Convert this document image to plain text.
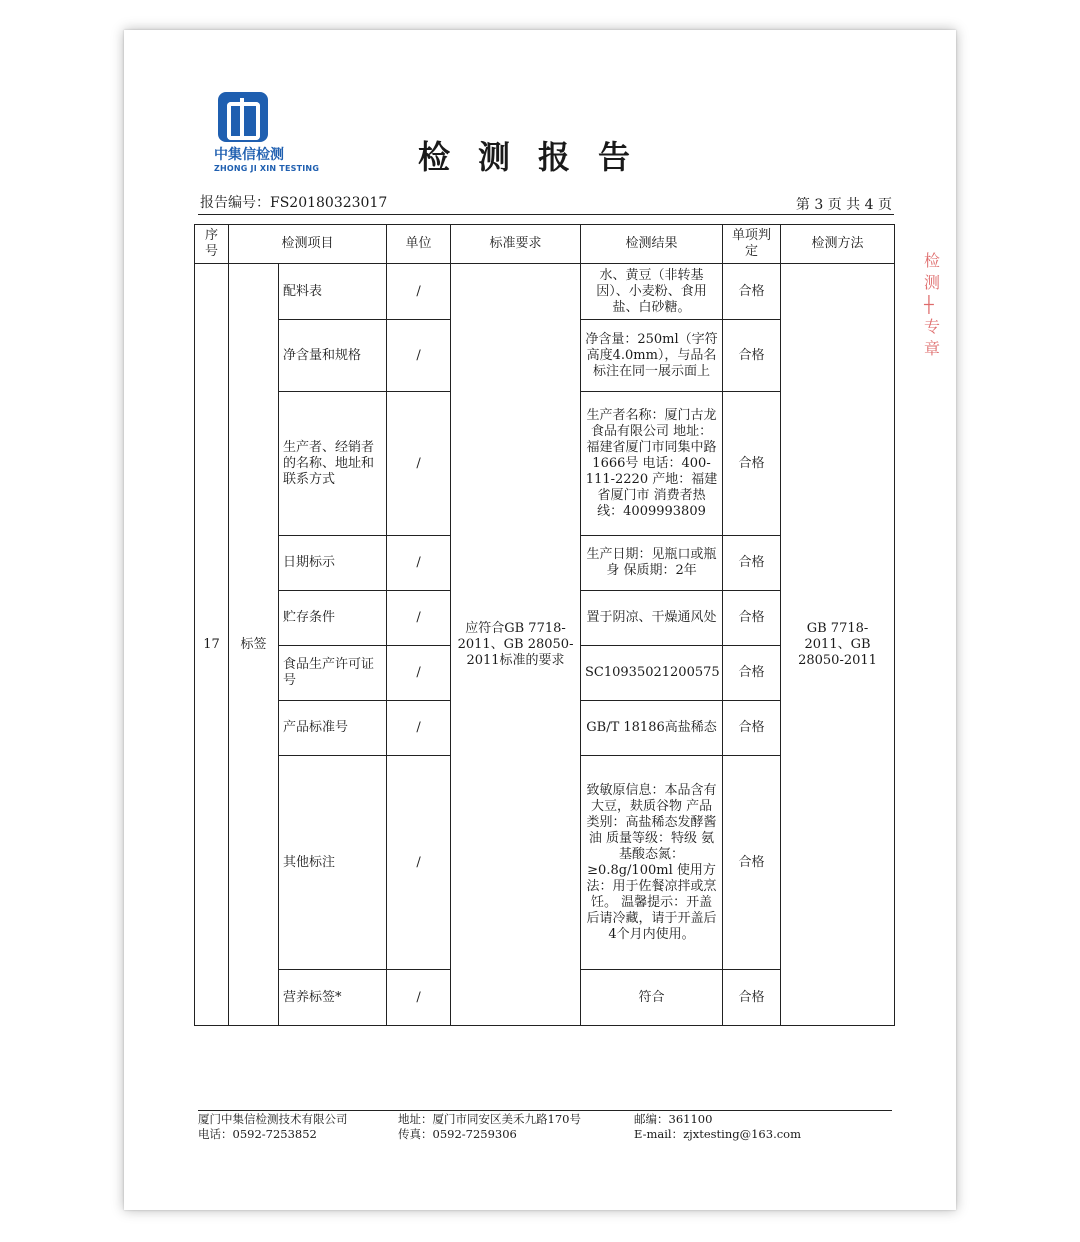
中集信检测
ZHONG JI XIN TESTING	检测报告
报告编号：FS20180323017	第 3 页 共 4 页
检
测
┼
专
章
序号	检测项目		单位	标准要求	检测结果	单项判定	检测方法
17	标签	配料表	/	应符合GB 7718-2011、GB 28050-2011标准的要求	水、黄豆（非转基因）、小麦粉、食用盐、白砂糖。	合格	GB 7718-2011、GB 28050-2011
		净含量和规格	/		净含量：250ml（字符高度4.0mm），与品名标注在同一展示面上	合格	
		生产者、经销者的名称、地址和联系方式	/		生产者名称：厦门古龙食品有限公司 地址：福建省厦门市同集中路1666号 电话：400-111-2220 产地：福建省厦门市 消费者热线：4009993809	合格	
		日期标示	/		生产日期：见瓶口或瓶身 保质期：2年	合格	
		贮存条件	/		置于阴凉、干燥通风处	合格	
		食品生产许可证号	/		SC10935021200575	合格	
		产品标准号	/		GB/T 18186高盐稀态	合格	
		其他标注	/		致敏原信息：本品含有大豆，麸质谷物 产品类别：高盐稀态发酵酱油 质量等级：特级 氨基酸态氮：≥0.8g/100ml 使用方法：用于佐餐凉拌或烹饪。 温馨提示：开盖后请冷藏，请于开盖后4个月内使用。	合格	
		营养标签*	/		符合	合格	
厦门中集信检测技术有限公司
电话：0592-7253852
地址：厦门市同安区美禾九路170号
传真：0592-7259306
邮编：361100
E-mail：zjxtesting@163.com
